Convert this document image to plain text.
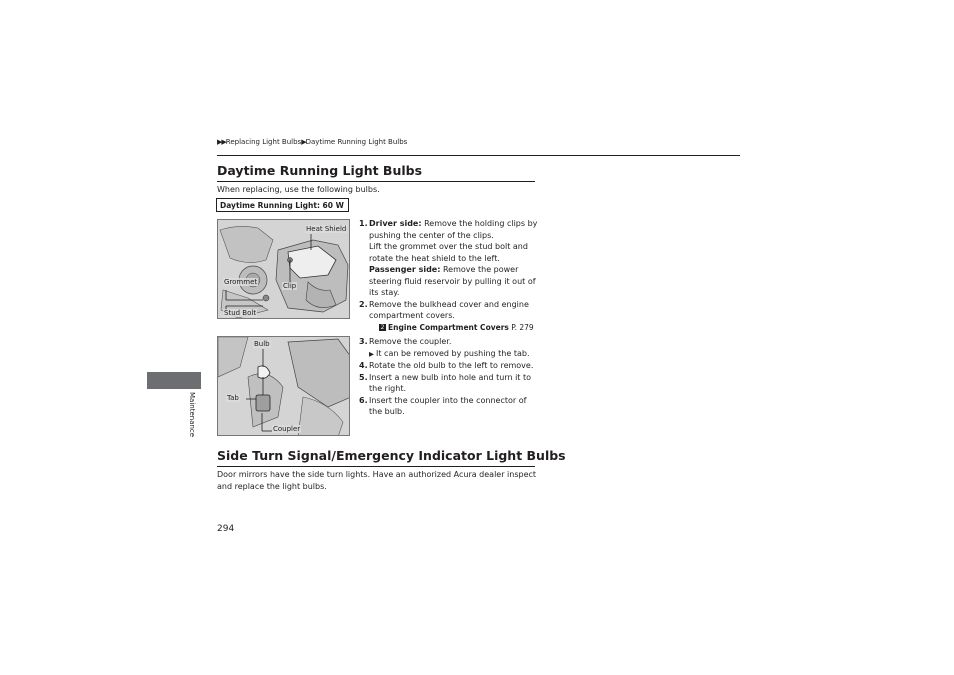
▶▶Replacing Light Bulbs▶Daytime Running Light Bulbs
Daytime Running Light Bulbs
When replacing, use the following bulbs.
Daytime Running Light: 60 W
Heat Shield
Grommet	Clip
Stud Bolt
Bulb
Tab
Coupler
1. Driver side: Remove the holding clips by pushing the center of the clips.
Lift the grommet over the stud bolt and rotate the heat shield to the left.
Passenger side: Remove the power steering fluid reservoir by pulling it out of its stay.
2. Remove the bulkhead cover and engine compartment covers.
2 Engine Compartment Covers P. 279
3. Remove the coupler.
▶ It can be removed by pushing the tab.
4. Rotate the old bulb to the left to remove.
5. Insert a new bulb into hole and turn it to the right.
6. Insert the coupler into the connector of the bulb.
Side Turn Signal/Emergency Indicator Light Bulbs
Door mirrors have the side turn lights. Have an authorized Acura dealer inspect and replace the light bulbs.
294
Maintenance
